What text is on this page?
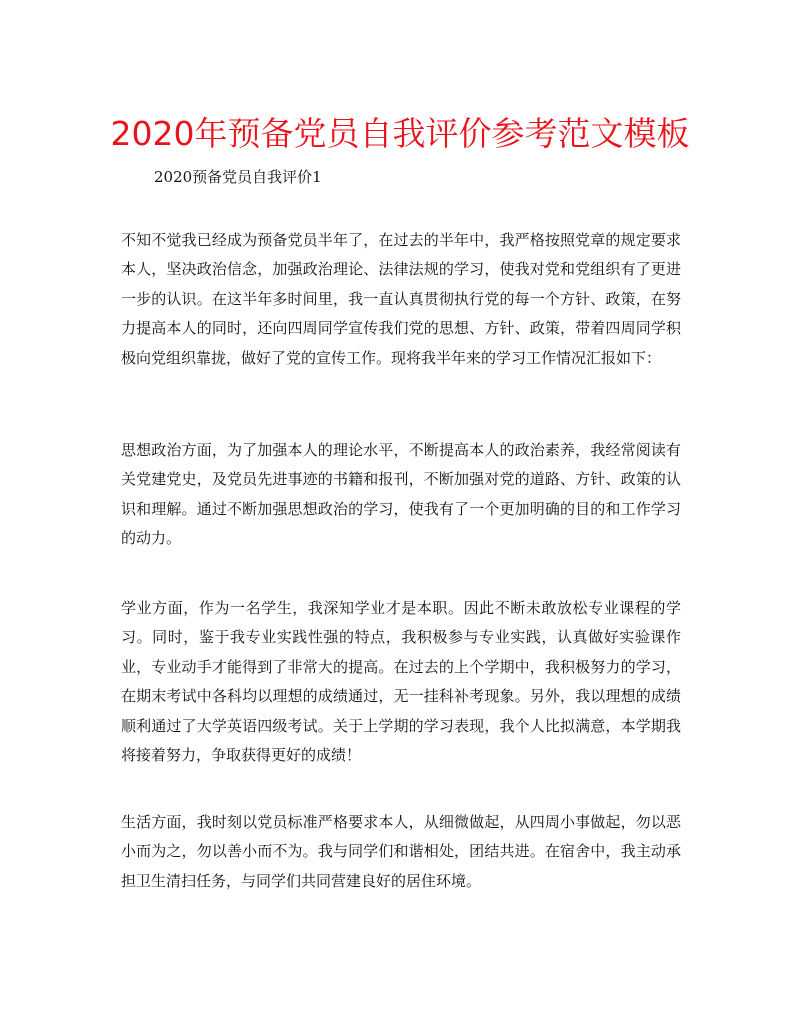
2020年预备党员自我评价参考范文模板

2020预备党员自我评价1

不知不觉我已经成为预备党员半年了，在过去的半年中，我严格按照党章的规定要求本人，坚决政治信念，加强政治理论、法律法规的学习，使我对党和党组织有了更进一步的认识。在这半年多时间里，我一直认真贯彻执行党的每一个方针、政策，在努力提高本人的同时，还向四周同学宣传我们党的思想、方针、政策，带着四周同学积极向党组织靠拢，做好了党的宣传工作。现将我半年来的学习工作情况汇报如下：

思想政治方面，为了加强本人的理论水平，不断提高本人的政治素养，我经常阅读有关党建党史，及党员先进事迹的书籍和报刊，不断加强对党的道路、方针、政策的认识和理解。通过不断加强思想政治的学习，使我有了一个更加明确的目的和工作学习的动力。

学业方面，作为一名学生，我深知学业才是本职。因此不断未敢放松专业课程的学习。同时，鉴于我专业实践性强的特点，我积极参与专业实践，认真做好实验课作业，专业动手才能得到了非常大的提高。在过去的上个学期中，我积极努力的学习，在期末考试中各科均以理想的成绩通过，无一挂科补考现象。另外，我以理想的成绩顺利通过了大学英语四级考试。关于上学期的学习表现，我个人比拟满意，本学期我将接着努力，争取获得更好的成绩！

生活方面，我时刻以党员标准严格要求本人，从细微做起，从四周小事做起，勿以恶小而为之，勿以善小而不为。我与同学们和谐相处，团结共进。在宿舍中，我主动承担卫生清扫任务，与同学们共同营建良好的居住环境。
